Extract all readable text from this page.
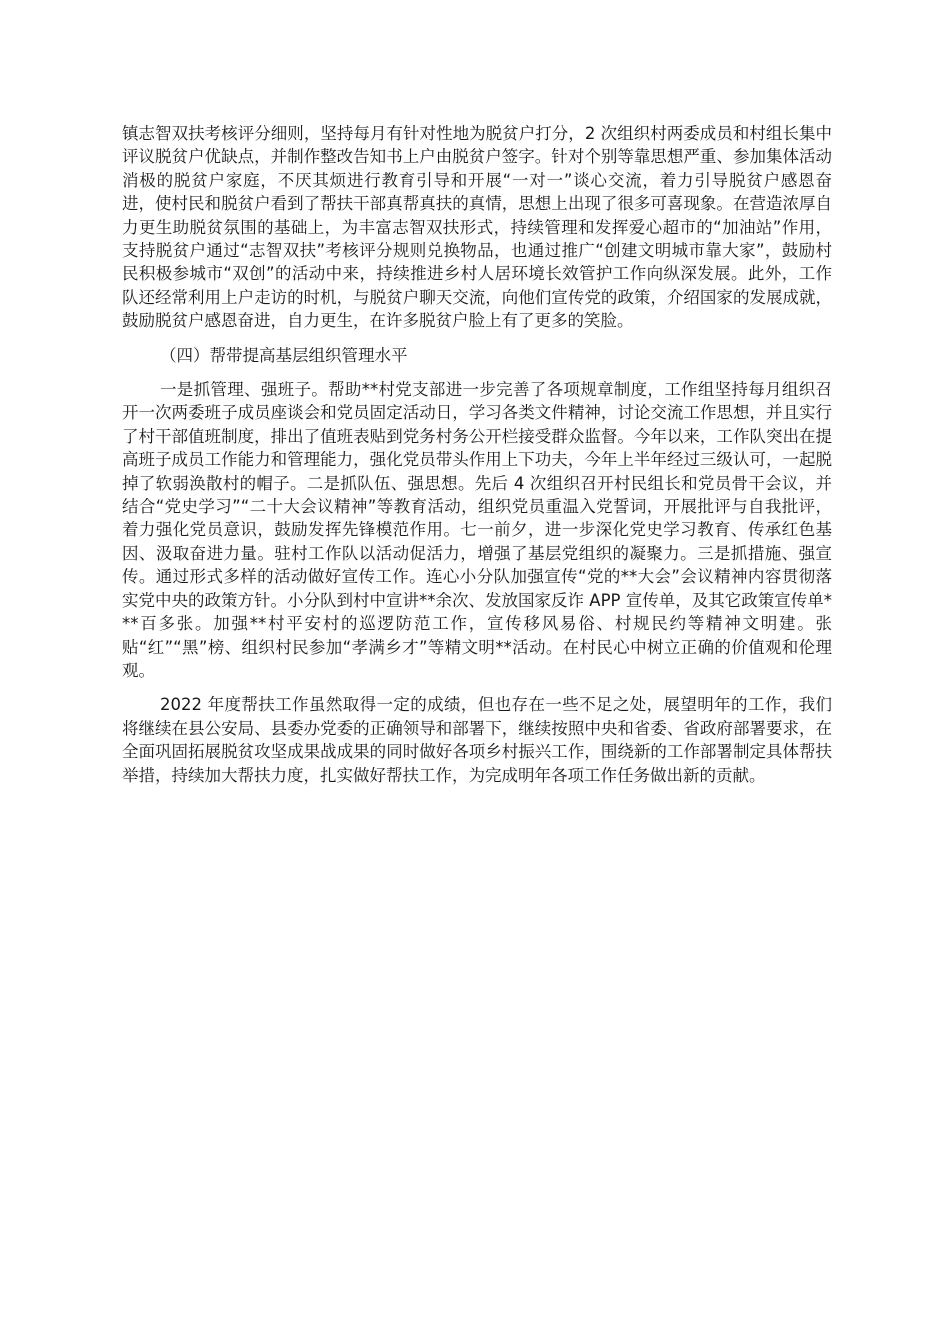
镇志智双扶考核评分细则，坚持每月有针对性地为脱贫户打分，2 次组织村两委成员和村组长集中评议脱贫户优缺点，并制作整改告知书上户由脱贫户签字。针对个别等靠思想严重、参加集体活动消极的脱贫户家庭，不厌其烦进行教育引导和开展“一对一”谈心交流，着力引导脱贫户感恩奋进，使村民和脱贫户看到了帮扶干部真帮真扶的真情，思想上出现了很多可喜现象。在营造浓厚自力更生助脱贫氛围的基础上，为丰富志智双扶形式，持续管理和发挥爱心超市的“加油站”作用，支持脱贫户通过“志智双扶”考核评分规则兑换物品，也通过推广“创建文明城市靠大家”，鼓励村民积极参城市“双创”的活动中来，持续推进乡村人居环境长效管护工作向纵深发展。此外，工作队还经常利用上户走访的时机，与脱贫户聊天交流，向他们宣传党的政策，介绍国家的发展成就，鼓励脱贫户感恩奋进，自力更生，在许多脱贫户脸上有了更多的笑脸。

（四）帮带提高基层组织管理水平

一是抓管理、强班子。帮助**村党支部进一步完善了各项规章制度，工作组坚持每月组织召开一次两委班子成员座谈会和党员固定活动日，学习各类文件精神，讨论交流工作思想，并且实行了村干部值班制度，排出了值班表贴到党务村务公开栏接受群众监督。今年以来，工作队突出在提高班子成员工作能力和管理能力，强化党员带头作用上下功夫，今年上半年经过三级认可，一起脱掉了软弱涣散村的帽子。二是抓队伍、强思想。先后 4 次组织召开村民组长和党员骨干会议，并结合“党史学习”“二十大会议精神”等教育活动，组织党员重温入党誓词，开展批评与自我批评，着力强化党员意识，鼓励发挥先锋模范作用。七一前夕，进一步深化党史学习教育、传承红色基因、汲取奋进力量。驻村工作队以活动促活力，增强了基层党组织的凝聚力。三是抓措施、强宣传。通过形式多样的活动做好宣传工作。连心小分队加强宣传“党的**大会”会议精神内容贯彻落实党中央的政策方针。小分队到村中宣讲**余次、发放国家反诈 APP 宣传单，及其它政策宣传单***百多张。加强**村平安村的巡逻防范工作，宣传移风易俗、村规民约等精神文明建。张贴“红”“黑”榜、组织村民参加“孝满乡才”等精文明**活动。在村民心中树立正确的价值观和伦理观。

2022 年度帮扶工作虽然取得一定的成绩，但也存在一些不足之处，展望明年的工作，我们将继续在县公安局、县委办党委的正确领导和部署下，继续按照中央和省委、省政府部署要求，在全面巩固拓展脱贫攻坚成果战成果的同时做好各项乡村振兴工作，围绕新的工作部署制定具体帮扶举措，持续加大帮扶力度，扎实做好帮扶工作，为完成明年各项工作任务做出新的贡献。
